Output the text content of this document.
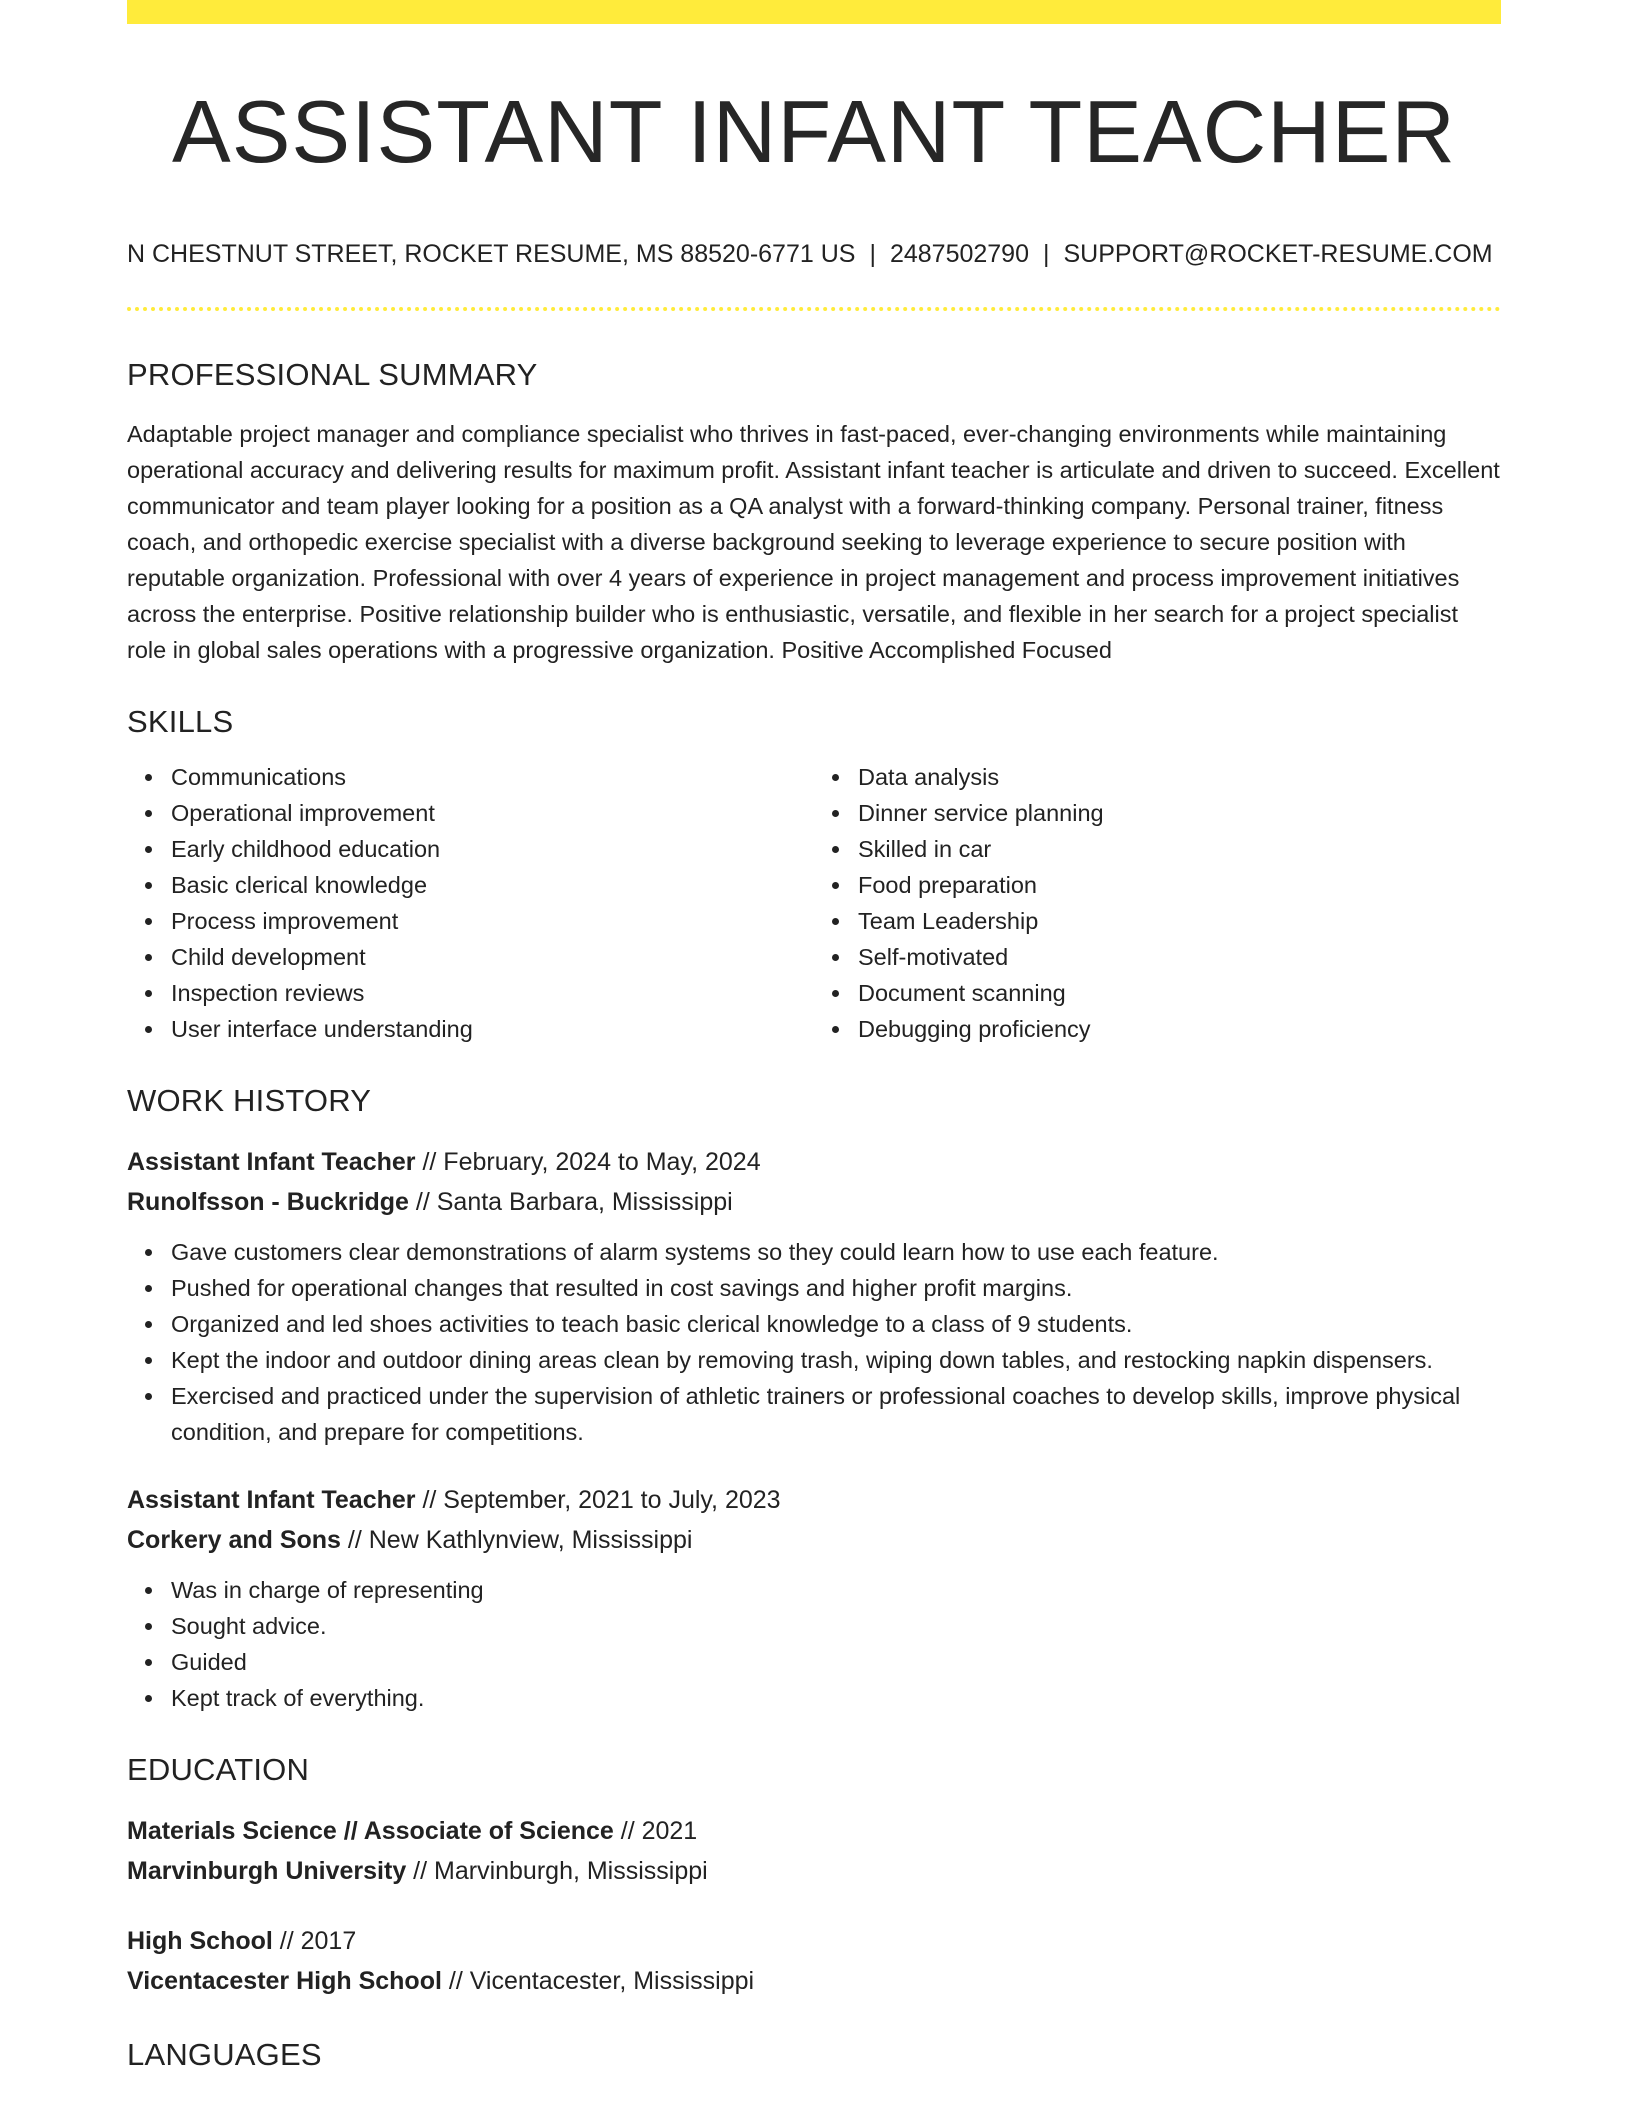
ASSISTANT INFANT TEACHER
N CHESTNUT STREET, ROCKET RESUME, MS 88520-6771 US | 2487502790 | SUPPORT@ROCKET-RESUME.COM
PROFESSIONAL SUMMARY

Adaptable project manager and compliance specialist who thrives in fast-paced, ever-changing environments while maintaining operational accuracy and delivering results for maximum profit. Assistant infant teacher is articulate and driven to succeed. Excellent communicator and team player looking for a position as a QA analyst with a forward-thinking company. Personal trainer, fitness coach, and orthopedic exercise specialist with a diverse background seeking to leverage experience to secure position with reputable organization. Professional with over 4 years of experience in project management and process improvement initiatives across the enterprise. Positive relationship builder who is enthusiastic, versatile, and flexible in her search for a project specialist role in global sales operations with a progressive organization. Positive Accomplished Focused

SKILLS
Communications
Operational improvement
Early childhood education
Basic clerical knowledge
Process improvement
Child development
Inspection reviews
User interface understanding
Data analysis
Dinner service planning
Skilled in car
Food preparation
Team Leadership
Self-motivated
Document scanning
Debugging proficiency
WORK HISTORY
Assistant Infant Teacher // February, 2024 to May, 2024
Runolfsson - Buckridge // Santa Barbara, Mississippi
Gave customers clear demonstrations of alarm systems so they could learn how to use each feature.
Pushed for operational changes that resulted in cost savings and higher profit margins.
Organized and led shoes activities to teach basic clerical knowledge to a class of 9 students.
Kept the indoor and outdoor dining areas clean by removing trash, wiping down tables, and restocking napkin dispensers.
Exercised and practiced under the supervision of athletic trainers or professional coaches to develop skills, improve physical condition, and prepare for competitions.
Assistant Infant Teacher // September, 2021 to July, 2023
Corkery and Sons // New Kathlynview, Mississippi
Was in charge of representing
Sought advice.
Guided
Kept track of everything.
EDUCATION
Materials Science // Associate of Science // 2021
Marvinburgh University // Marvinburgh, Mississippi
High School // 2017
Vicentacester High School // Vicentacester, Mississippi
LANGUAGES
